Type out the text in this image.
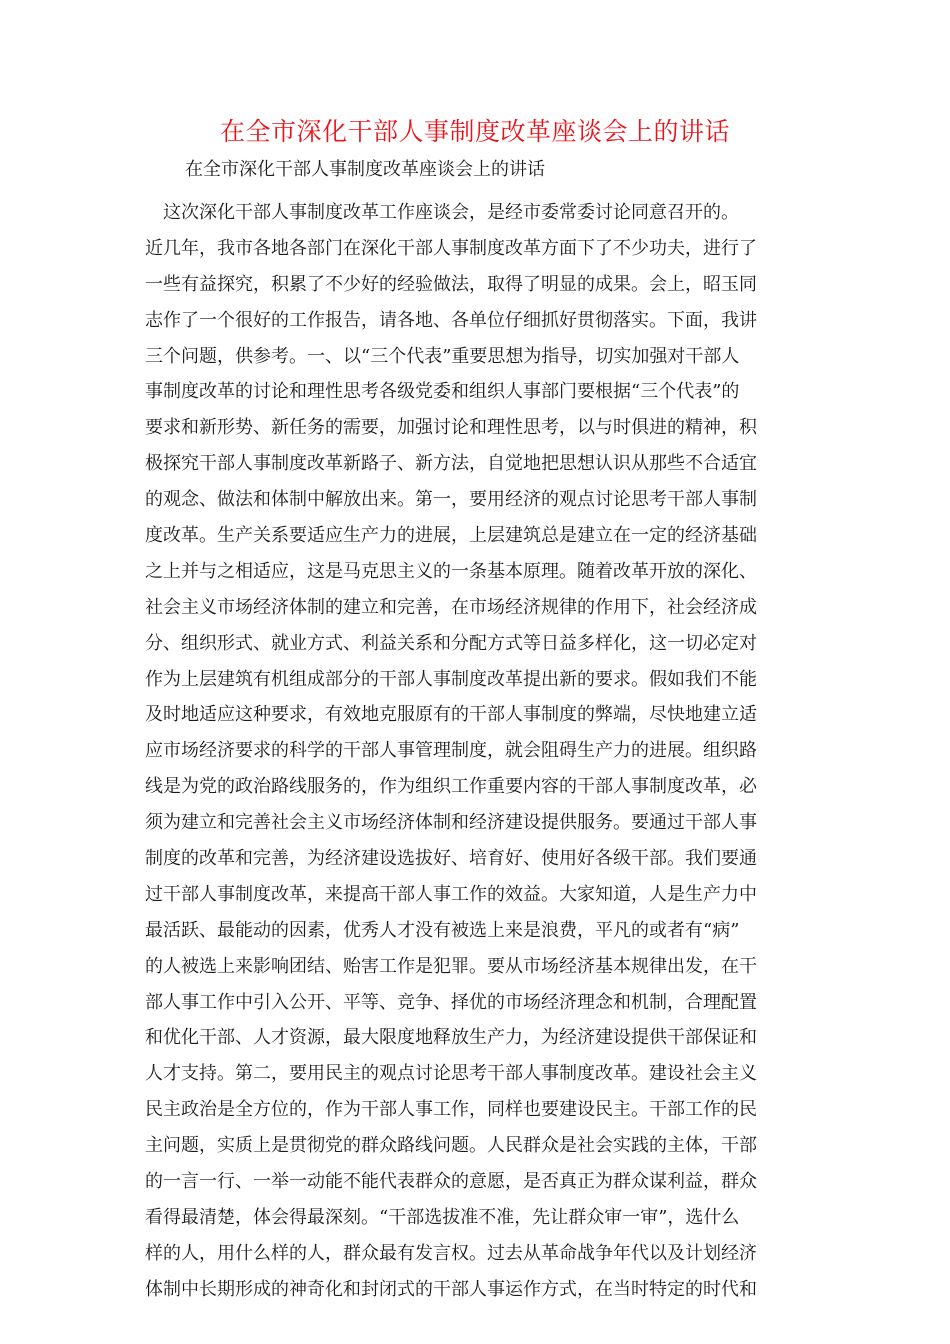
在全市深化干部人事制度改革座谈会上的讲话

在全市深化干部人事制度改革座谈会上的讲话

　这次深化干部人事制度改革工作座谈会，是经市委常委讨论同意召开的。
近几年，我市各地各部门在深化干部人事制度改革方面下了不少功夫，进行了
一些有益探究，积累了不少好的经验做法，取得了明显的成果。会上，昭玉同
志作了一个很好的工作报告，请各地、各单位仔细抓好贯彻落实。下面，我讲
三个问题，供参考。一、以“三个代表”重要思想为指导，切实加强对干部人
事制度改革的讨论和理性思考各级党委和组织人事部门要根据“三个代表”的
要求和新形势、新任务的需要，加强讨论和理性思考，以与时俱进的精神，积
极探究干部人事制度改革新路子、新方法，自觉地把思想认识从那些不合适宜
的观念、做法和体制中解放出来。第一，要用经济的观点讨论思考干部人事制
度改革。生产关系要适应生产力的进展，上层建筑总是建立在一定的经济基础
之上并与之相适应，这是马克思主义的一条基本原理。随着改革开放的深化、
社会主义市场经济体制的建立和完善，在市场经济规律的作用下，社会经济成
分、组织形式、就业方式、利益关系和分配方式等日益多样化，这一切必定对
作为上层建筑有机组成部分的干部人事制度改革提出新的要求。假如我们不能
及时地适应这种要求，有效地克服原有的干部人事制度的弊端，尽快地建立适
应市场经济要求的科学的干部人事管理制度，就会阻碍生产力的进展。组织路
线是为党的政治路线服务的，作为组织工作重要内容的干部人事制度改革，必
须为建立和完善社会主义市场经济体制和经济建设提供服务。要通过干部人事
制度的改革和完善，为经济建设选拔好、培育好、使用好各级干部。我们要通
过干部人事制度改革，来提高干部人事工作的效益。大家知道，人是生产力中
最活跃、最能动的因素，优秀人才没有被选上来是浪费，平凡的或者有“病”
的人被选上来影响团结、贻害工作是犯罪。要从市场经济基本规律出发，在干
部人事工作中引入公开、平等、竞争、择优的市场经济理念和机制，合理配置
和优化干部、人才资源，最大限度地释放生产力，为经济建设提供干部保证和
人才支持。第二，要用民主的观点讨论思考干部人事制度改革。建设社会主义
民主政治是全方位的，作为干部人事工作，同样也要建设民主。干部工作的民
主问题，实质上是贯彻党的群众路线问题。人民群众是社会实践的主体，干部
的一言一行、一举一动能不能代表群众的意愿，是否真正为群众谋利益，群众
看得最清楚，体会得最深刻。“干部选拔准不准，先让群众审一审”，选什么
样的人，用什么样的人，群众最有发言权。过去从革命战争年代以及计划经济
体制中长期形成的神奇化和封闭式的干部人事运作方式，在当时特定的时代和
